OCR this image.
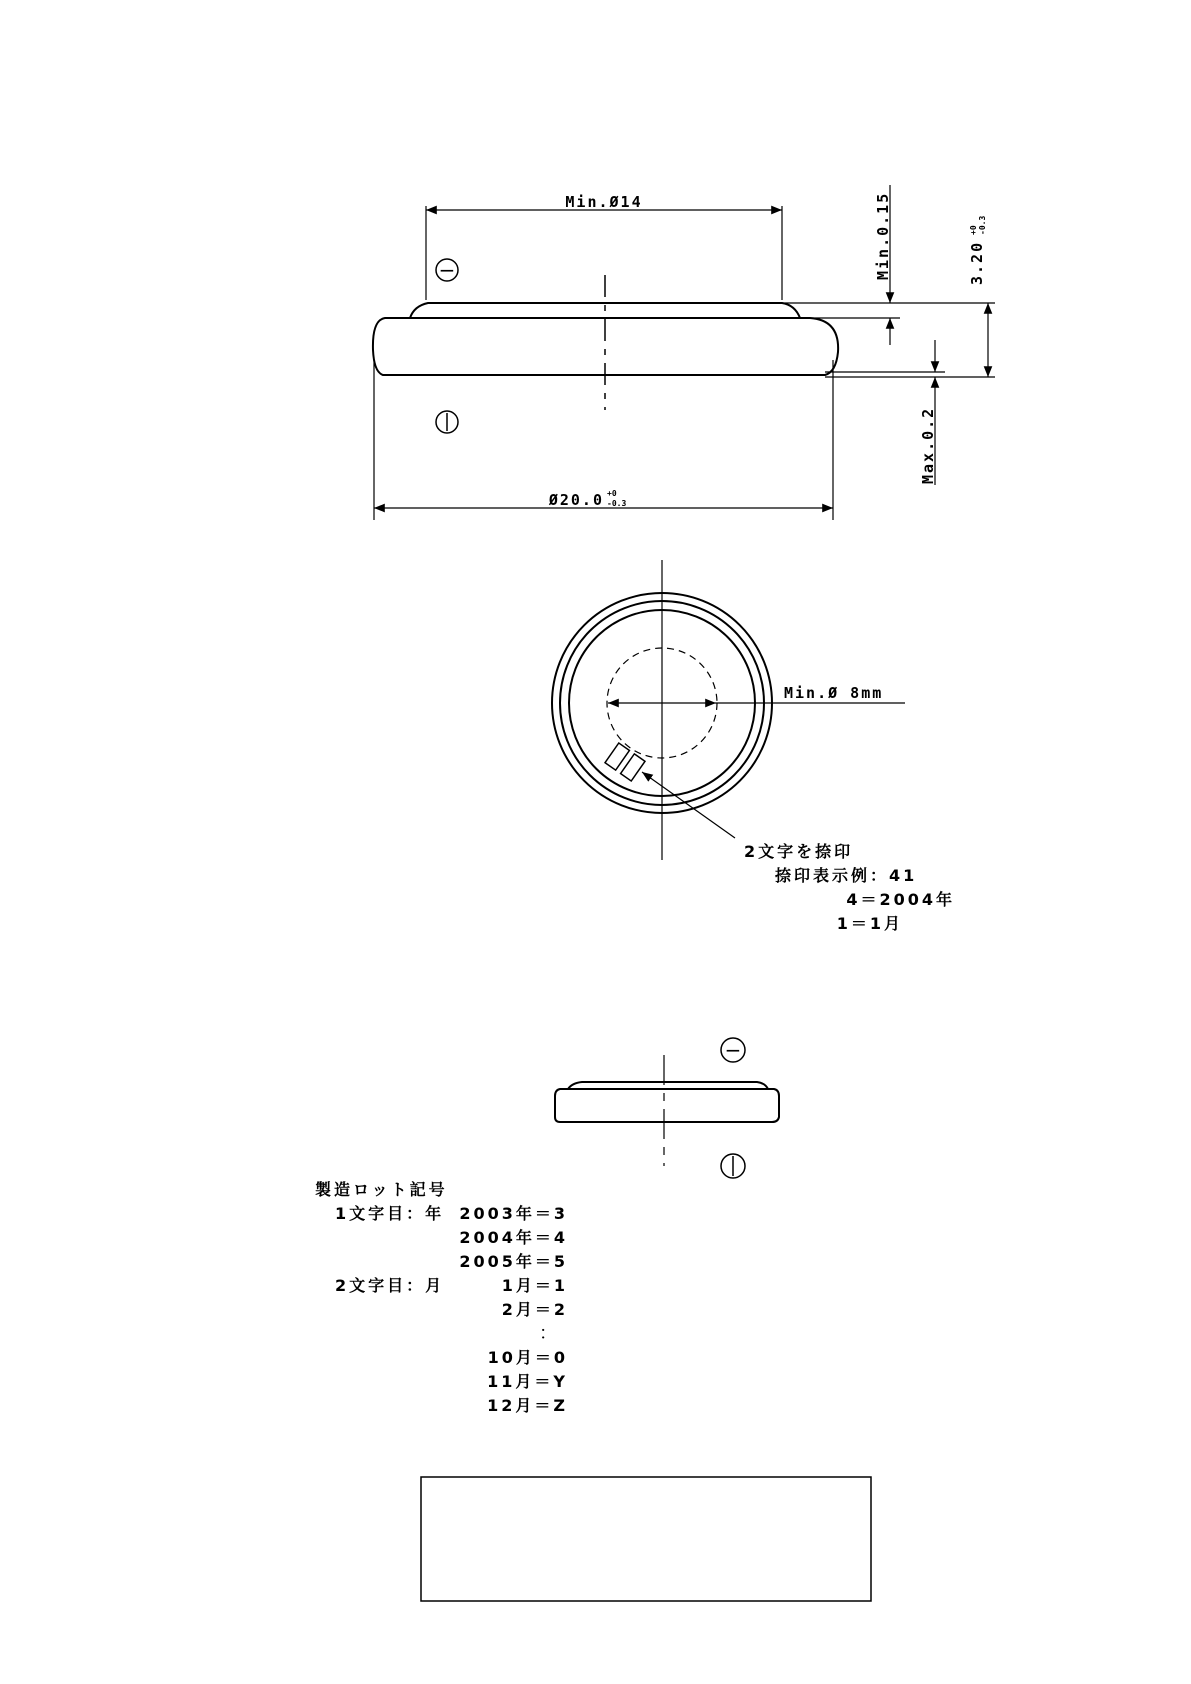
−
Min.Ø14
Ø20.0 +0
-0.3
Min.0.15
Max.0.2
3.20
+0 -0.3
Min.Ø 8mm
2文字を捺印
捺印表示例：41
4＝2004年
1＝1月
−
製造ロット記号
1文字目：年 2003年＝3
2004年＝4
2005年＝5
2文字目：月	1月＝1
2月＝2
：
10月＝0
11月＝Y
12月＝Z
